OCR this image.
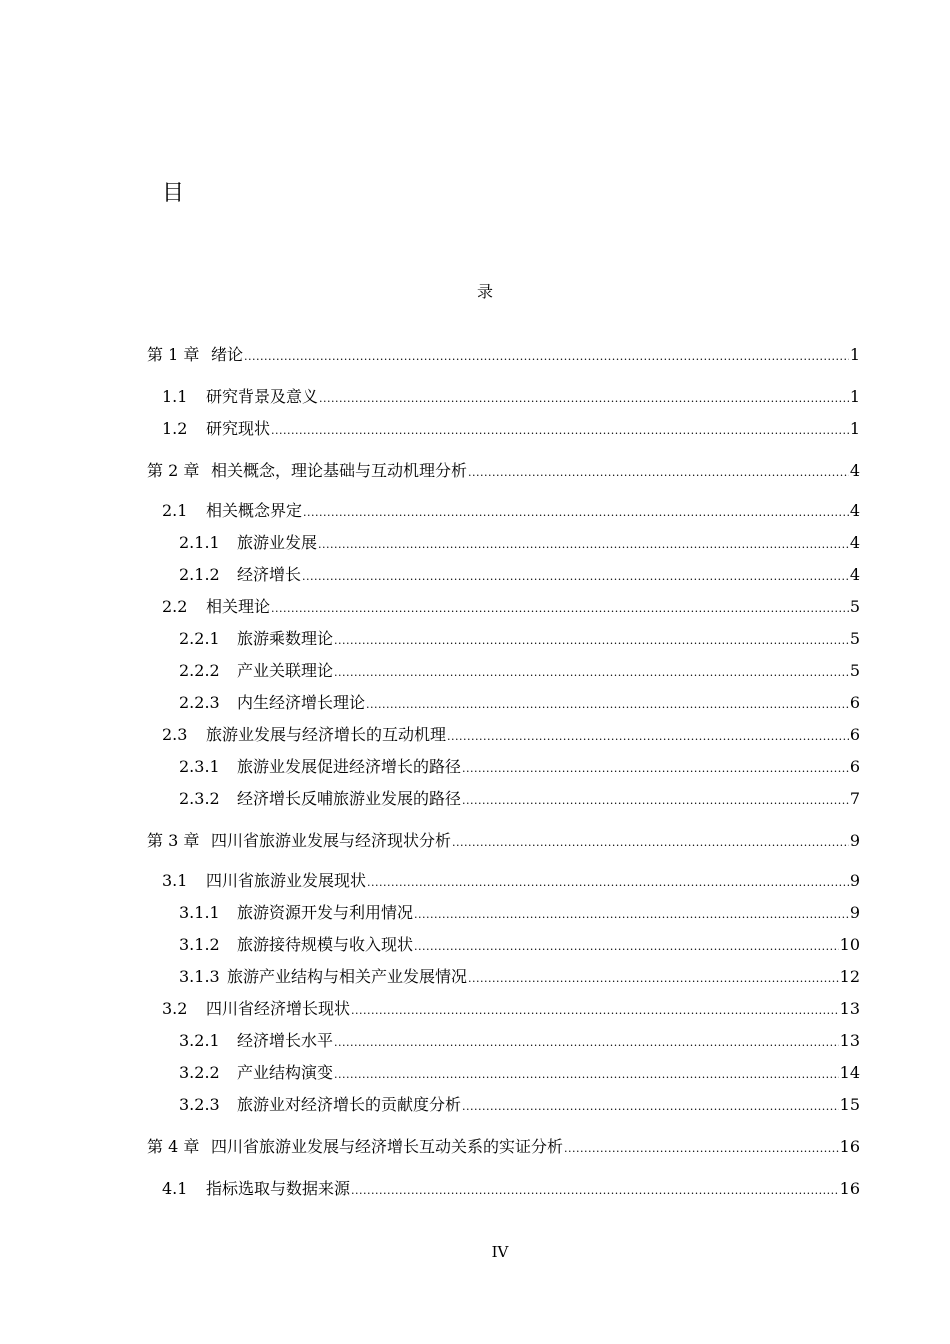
目
录
第 1 章 绪论 .....	1
1.1	研究背景及意义 .....	1
1.2	研究现状 .....	1
第 2 章 相关概念，理论基础与互动机理分析 .....	4
2.1	相关概念界定 .....	4
2.1.1	旅游业发展 .....	4
2.1.2	经济增长 .....	4
2.2	相关理论 .....	5
2.2.1	旅游乘数理论 .....	5
2.2.2	产业关联理论 .....	5
2.2.3	内生经济增长理论 .....	6
2.3	旅游业发展与经济增长的互动机理 .....	6
2.3.1	旅游业发展促进经济增长的路径 .....	6
2.3.2	经济增长反哺旅游业发展的路径 .....	7
第 3 章 四川省旅游业发展与经济现状分析 .....	9
3.1	四川省旅游业发展现状 .....	9
3.1.1	旅游资源开发与利用情况 .....	9
3.1.2	旅游接待规模与收入现状 .....	10
3.1.3 旅游产业结构与相关产业发展情况 .....	12
3.2	四川省经济增长现状 .....	13
3.2.1	经济增长水平 .....	13
3.2.2	产业结构演变 .....	14
3.2.3	旅游业对经济增长的贡献度分析 .....	15
第 4 章 四川省旅游业发展与经济增长互动关系的实证分析 .....	16
4.1	指标选取与数据来源 .....	16
IV
